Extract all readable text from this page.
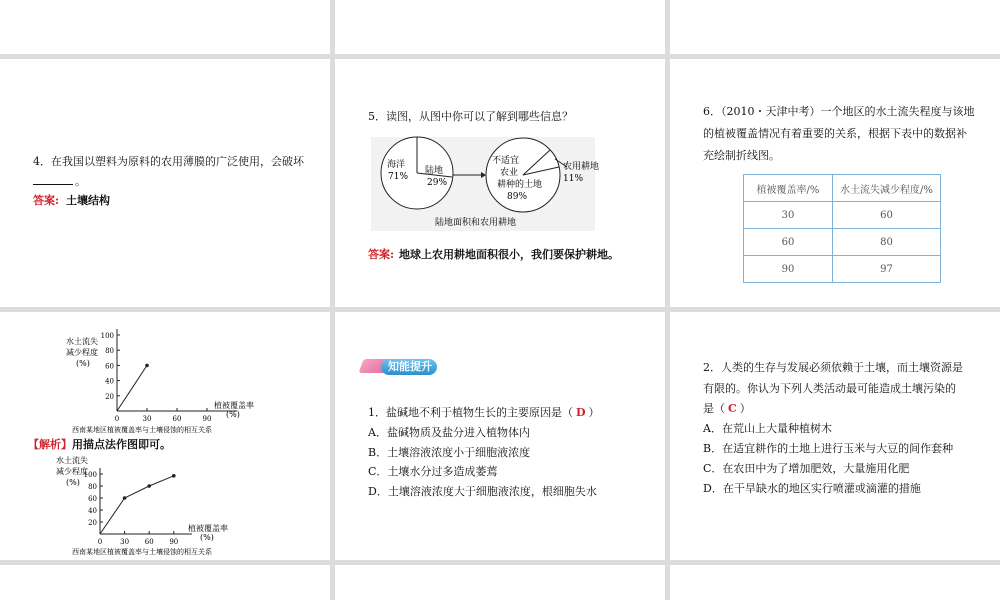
4．在我国以塑料为原料的农用薄膜的广泛使用，会破坏
。
答案: 土壤结构
5．读图，从图中你可以了解到哪些信息？
海洋
71%
陆地
29%
不适宜
农业
耕种的土地
89%
农用耕地
11%
陆地面积和农用耕地
答案: 地球上农用耕地面积很小，我们要保护耕地。
6．（2010・天津中考）一个地区的水土流失程度与该地
的植被覆盖情况有着重要的关系，根据下表中的数据补
充绘制折线图。
植被覆盖率/%	水土流失减少程度/%
30	60
60	80
90	97
水土流失
减少程度
(%)
植被覆盖率
(%)
西南某地区植被覆盖率与土壤侵蚀的相互关系
100
80
60
40
20
0	30	60	90
【解析】用描点法作图即可。
水土流失
减少程度
(%)
植被覆盖率
(%)
西南某地区植被覆盖率与土壤侵蚀的相互关系
100
80
60
40
20
0	30 60 90
知能提升
1．盐碱地不利于植物生长的主要原因是（ D ）
A．盐碱物质及盐分进入植物体内
B．土壤溶液浓度小于细胞液浓度
C．土壤水分过多造成萎蔫
D．土壤溶液浓度大于细胞液浓度，根细胞失水
2．人类的生存与发展必须依赖于土壤，而土壤资源是
有限的。你认为下列人类活动最可能造成土壤污染的
是（ C ）
A．在荒山上大量种植树木
B．在适宜耕作的土地上进行玉米与大豆的间作套种
C．在农田中为了增加肥效，大量施用化肥
D．在干旱缺水的地区实行喷灌或滴灌的措施
